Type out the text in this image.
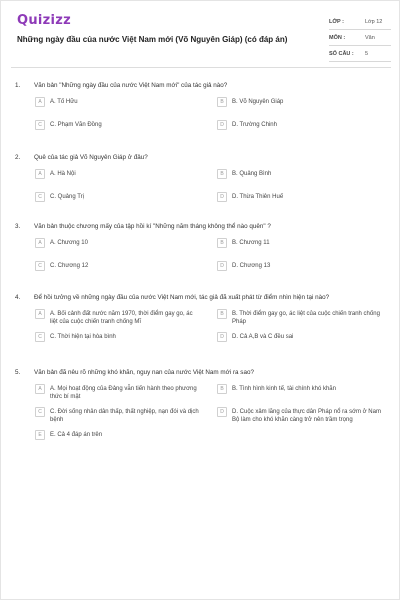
Quizizz
Những ngày đầu của nước Việt Nam mới (Võ Nguyên Giáp) (có đáp án)
LỚP :	Lớp 12
MÔN :	Văn
SỐ CÂU : 5
1.	Văn bản "Những ngày đầu của nước Việt Nam mới" của tác giả nào?
A	A. Tố Hữu	B	B. Võ Nguyên Giáp
C	C. Phạm Văn Đồng	D	D. Trường Chinh
2.	Quê của tác giả Võ Nguyên Giáp ở đâu?
A	A. Hà Nội	B	B. Quảng Bình
C	C. Quảng Trị	D	D. Thừa Thiên Huế
3.	Văn bản thuộc chương mấy của tập hồi kí "Những năm tháng không thể nào quên" ?
A	A. Chương 10	B	B. Chương 11
C	C. Chương 12	D	D. Chương 13
4.	Để hồi tưởng về những ngày đầu của nước Việt Nam mới, tác giả đã xuất phát từ điểm nhìn hiện tại nào?
A	A. Bối cảnh đất nước năm 1970, thời điểm gay go, ác liệt của cuộc chiến tranh chống Mĩ
B	B. Thời điểm gay go, ác liệt của cuộc chiến tranh chống Pháp
C	C. Thời hiện tại hòa bình	D	D. Cả A,B và C đều sai
5.	Văn bản đã nêu rõ những khó khăn, nguy nan của nước Việt Nam mới ra sao?
A	A. Mọi hoạt động của Đảng vẫn tiến hành theo phương thức bí mật
B	B. Tình hình kinh tế, tài chính khó khăn
C	C. Đời sống nhân dân thấp, thất nghiệp, nạn đói và dịch bệnh
D	D. Cuộc xâm lăng của thực dân Pháp nổ ra sớm ở Nam Bộ làm cho khó khăn càng trở nên trầm trọng
E	E. Cả 4 đáp án trên
